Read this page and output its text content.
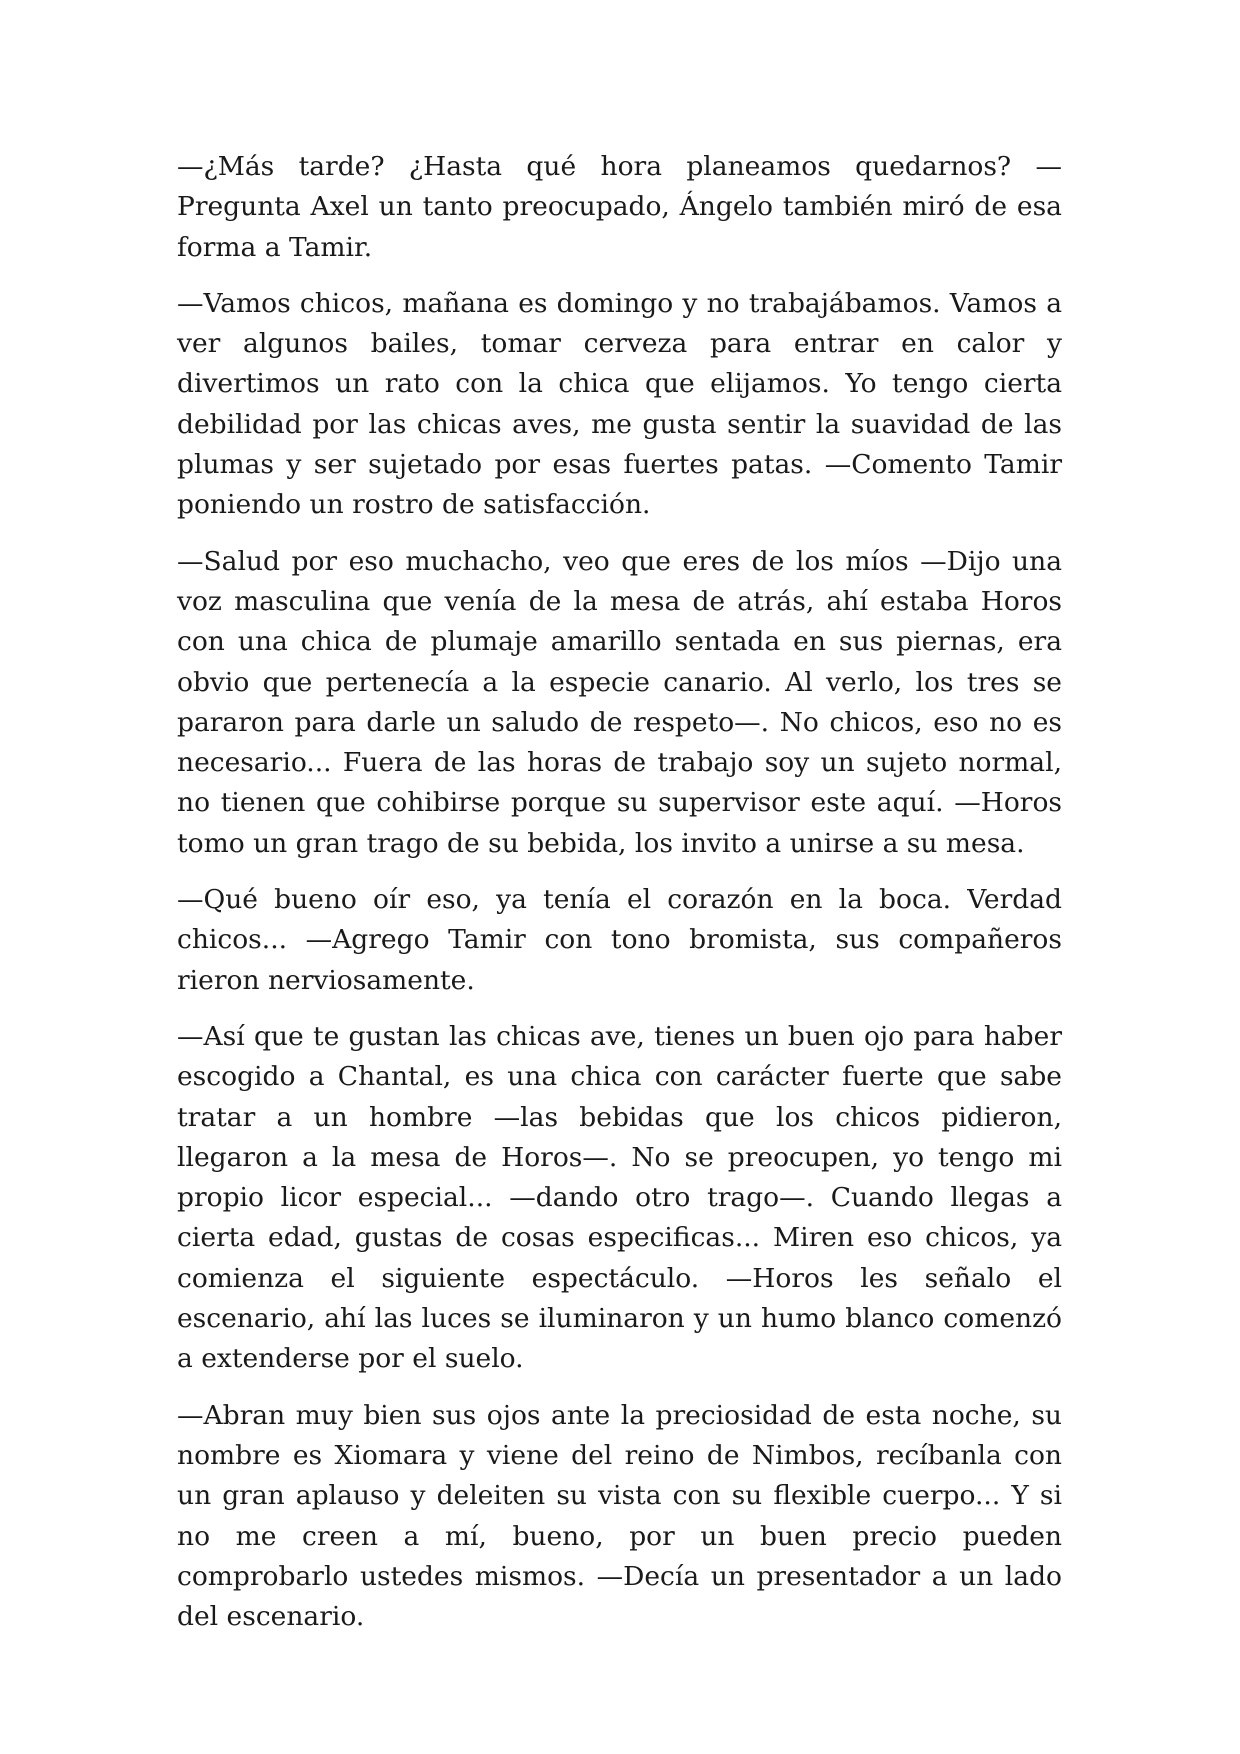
—¿Más tarde? ¿Hasta qué hora planeamos quedarnos? —Pregunta Axel un tanto preocupado, Ángelo también miró de esa forma a Tamir.

—Vamos chicos, mañana es domingo y no trabajábamos. Vamos a ver algunos bailes, tomar cerveza para entrar en calor y divertimos un rato con la chica que elijamos. Yo tengo cierta debilidad por las chicas aves, me gusta sentir la suavidad de las plumas y ser sujetado por esas fuertes patas. —Comento Tamir poniendo un rostro de satisfacción.

—Salud por eso muchacho, veo que eres de los míos —Dijo una voz masculina que venía de la mesa de atrás, ahí estaba Horos con una chica de plumaje amarillo sentada en sus piernas, era obvio que pertenecía a la especie canario. Al verlo, los tres se pararon para darle un saludo de respeto—. No chicos, eso no es necesario... Fuera de las horas de trabajo soy un sujeto normal, no tienen que cohibirse porque su supervisor este aquí. —Horos tomo un gran trago de su bebida, los invito a unirse a su mesa.

—Qué bueno oír eso, ya tenía el corazón en la boca. Verdad chicos... —Agrego Tamir con tono bromista, sus compañeros rieron nerviosamente.

—Así que te gustan las chicas ave, tienes un buen ojo para haber escogido a Chantal, es una chica con carácter fuerte que sabe tratar a un hombre —las bebidas que los chicos pidieron, llegaron a la mesa de Horos—. No se preocupen, yo tengo mi propio licor especial... —dando otro trago—. Cuando llegas a cierta edad, gustas de cosas especificas... Miren eso chicos, ya comienza el siguiente espectáculo. —Horos les señalo el escenario, ahí las luces se iluminaron y un humo blanco comenzó a extenderse por el suelo.

—Abran muy bien sus ojos ante la preciosidad de esta noche, su nombre es Xiomara y viene del reino de Nimbos, recíbanla con un gran aplauso y deleiten su vista con su flexible cuerpo... Y si no me creen a mí, bueno, por un buen precio pueden comprobarlo ustedes mismos. —Decía un presentador a un lado del escenario.
